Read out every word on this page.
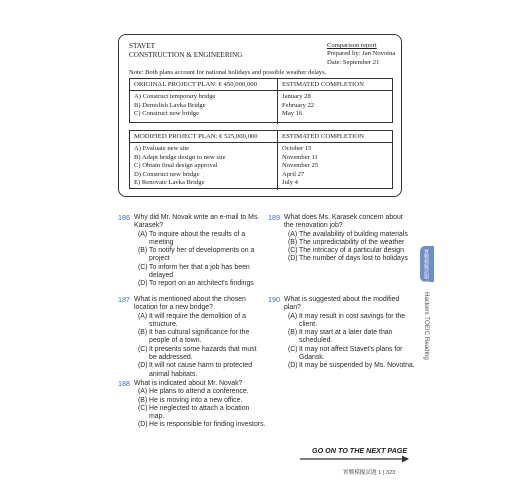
STAVET
CONSTRUCTION & ENGINEERING
Comparison report
Prepared by: Jan Novotna
Date: September 21
Note: Both plans account for national holidays and possible weather delays.
ORIGINAL PROJECT PLAN: € 450,000,000	ESTIMATED COMPLETION
A) Construct temporary bridge
B) Demolish Lavka Bridge
C) Construct new bridge
January 28
February 22
May 16
MODIFIED PROJECT PLAN: € 525,000,000	ESTIMATED COMPLETION
A) Evaluate new site
B) Adapt bridge design to new site
C) Obtain final design approval
D) Construct new bridge
E) Renovate Lavka Bridge
October 15
November 11
November 25
April 27
July 4
186 Why did Mr. Novak write an e-mail to Ms.
Karasek?
(A) To inquire about the results of a
meeting
(B) To notify her of developments on a
project
(C) To inform her that a job has been
delayed
(D) To report on an architect's findings
189 What does Ms. Karasek concern about
the renovation job?
(A) The availability of building materials
(B) The unpredictability of the weather
(C) The intricacy of a particular design
(D) The number of days lost to holidays
187 What is mentioned about the chosen
location for a new bridge?
(A) It will require the demolition of a
structure.
(B) It has cultural significance for the
people of a town.
(C) It presents some hazards that must
be addressed.
(D) It will not cause harm to protected
animal habitats.
190 What is suggested about the modified
plan?
(A) It may result in cost savings for the
client.
(B) It may start at a later date than
scheduled.
(C) It may not affect Stavet's plans for
Gdansk.
(D) It may be suspended by Ms. Novotna.
188 What is indicated about Mr. Novak?
(A) He plans to attend a conference.
(B) He is moving into a new office.
(C) He neglected to attach a location
map.
(D) He is responsible for finding investors.
實戰模擬試題 1
Hackers TOEIC Reading
GO ON TO THE NEXT PAGE
實戰模擬試題 1 | 323
